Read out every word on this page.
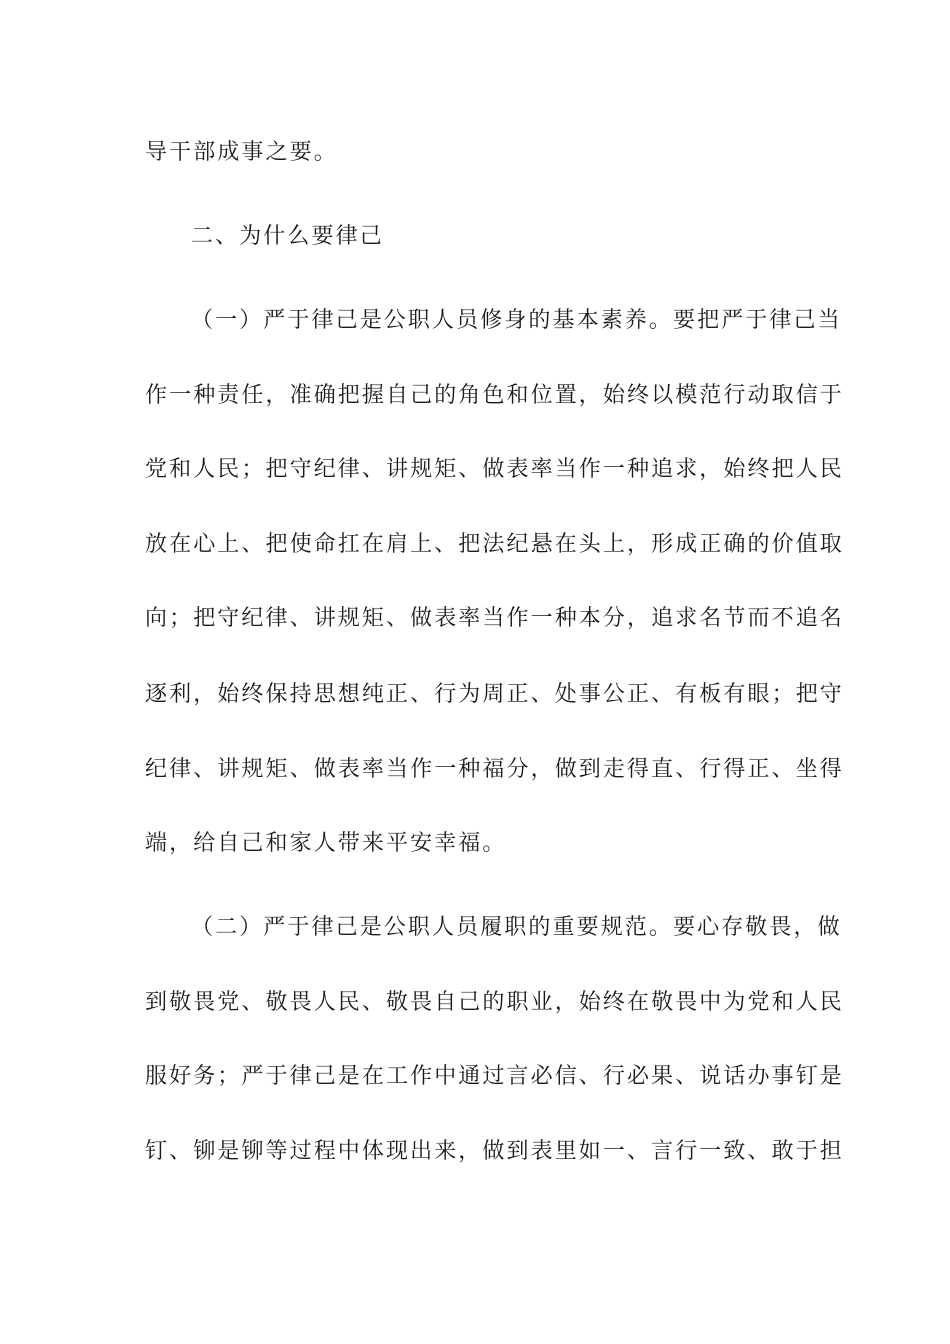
导干部成事之要。
二、为什么要律己
（一）严于律己是公职人员修身的基本素养。要把严于律己当
作一种责任，准确把握自己的角色和位置，始终以模范行动取信于
党和人民；把守纪律、讲规矩、做表率当作一种追求，始终把人民
放在心上、把使命扛在肩上、把法纪悬在头上，形成正确的价值取
向；把守纪律、讲规矩、做表率当作一种本分，追求名节而不追名
逐利，始终保持思想纯正、行为周正、处事公正、有板有眼；把守
纪律、讲规矩、做表率当作一种福分，做到走得直、行得正、坐得
端，给自己和家人带来平安幸福。
（二）严于律己是公职人员履职的重要规范。要心存敬畏，做
到敬畏党、敬畏人民、敬畏自己的职业，始终在敬畏中为党和人民
服好务；严于律己是在工作中通过言必信、行必果、说话办事钉是
钉、铆是铆等过程中体现出来，做到表里如一、言行一致、敢于担
